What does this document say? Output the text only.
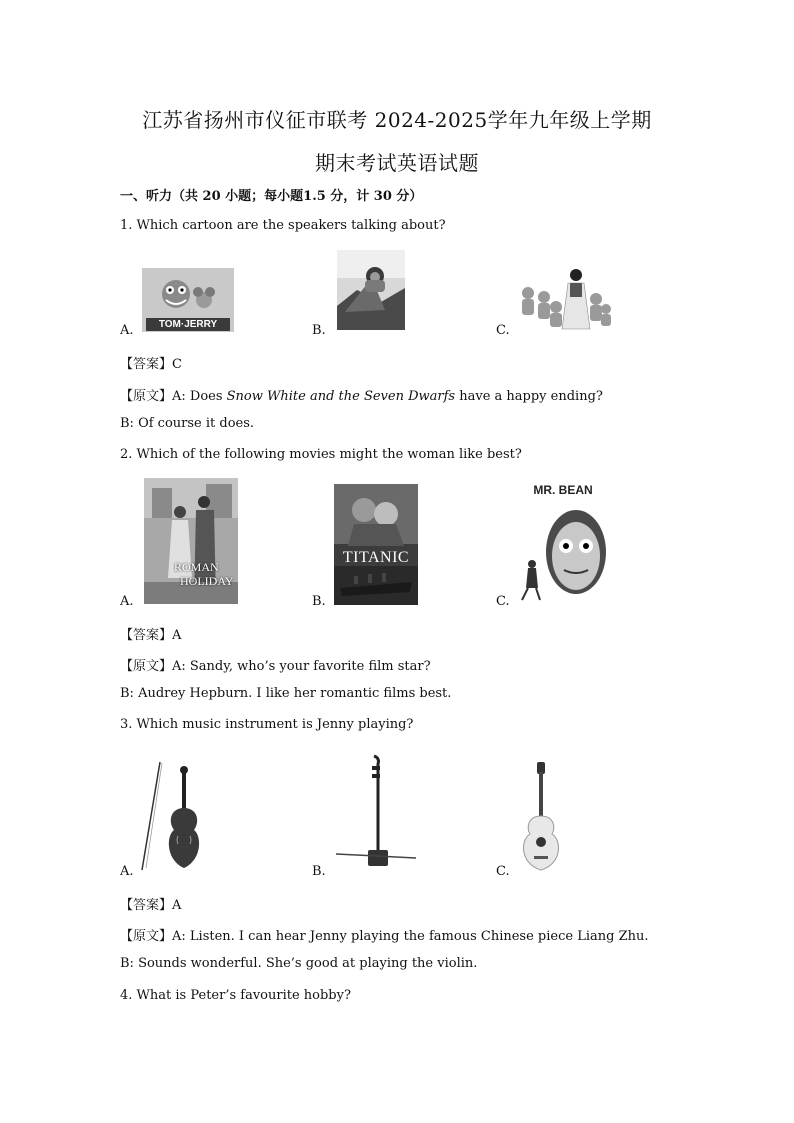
江苏省扬州市仪征市联考 2024-2025学年九年级上学期
期末考试英语试题
一、听力（共 20 小题；每小题1.5 分，计 30 分）
1. Which cartoon are the speakers talking about?
A.	TOM·JERRY	B.	C.
【答案】C
【原文】A: Does Snow White and the Seven Dwarfs have a happy ending?
B: Of course it does.
2. Which of the following movies might the woman like best?
A.
ROMAN
HOLIDAY
B.
TITANIC
C.
MR. BEAN
【答案】A
【原文】A: Sandy, who’s your favorite film star?
B: Audrey Hepburn. I like her romantic films best.
3. Which music instrument is Jenny playing?
A.	B.	C.
【答案】A
【原文】A: Listen. I can hear Jenny playing the famous Chinese piece Liang Zhu.
B: Sounds wonderful. She’s good at playing the violin.
4. What is Peter’s favourite hobby?
